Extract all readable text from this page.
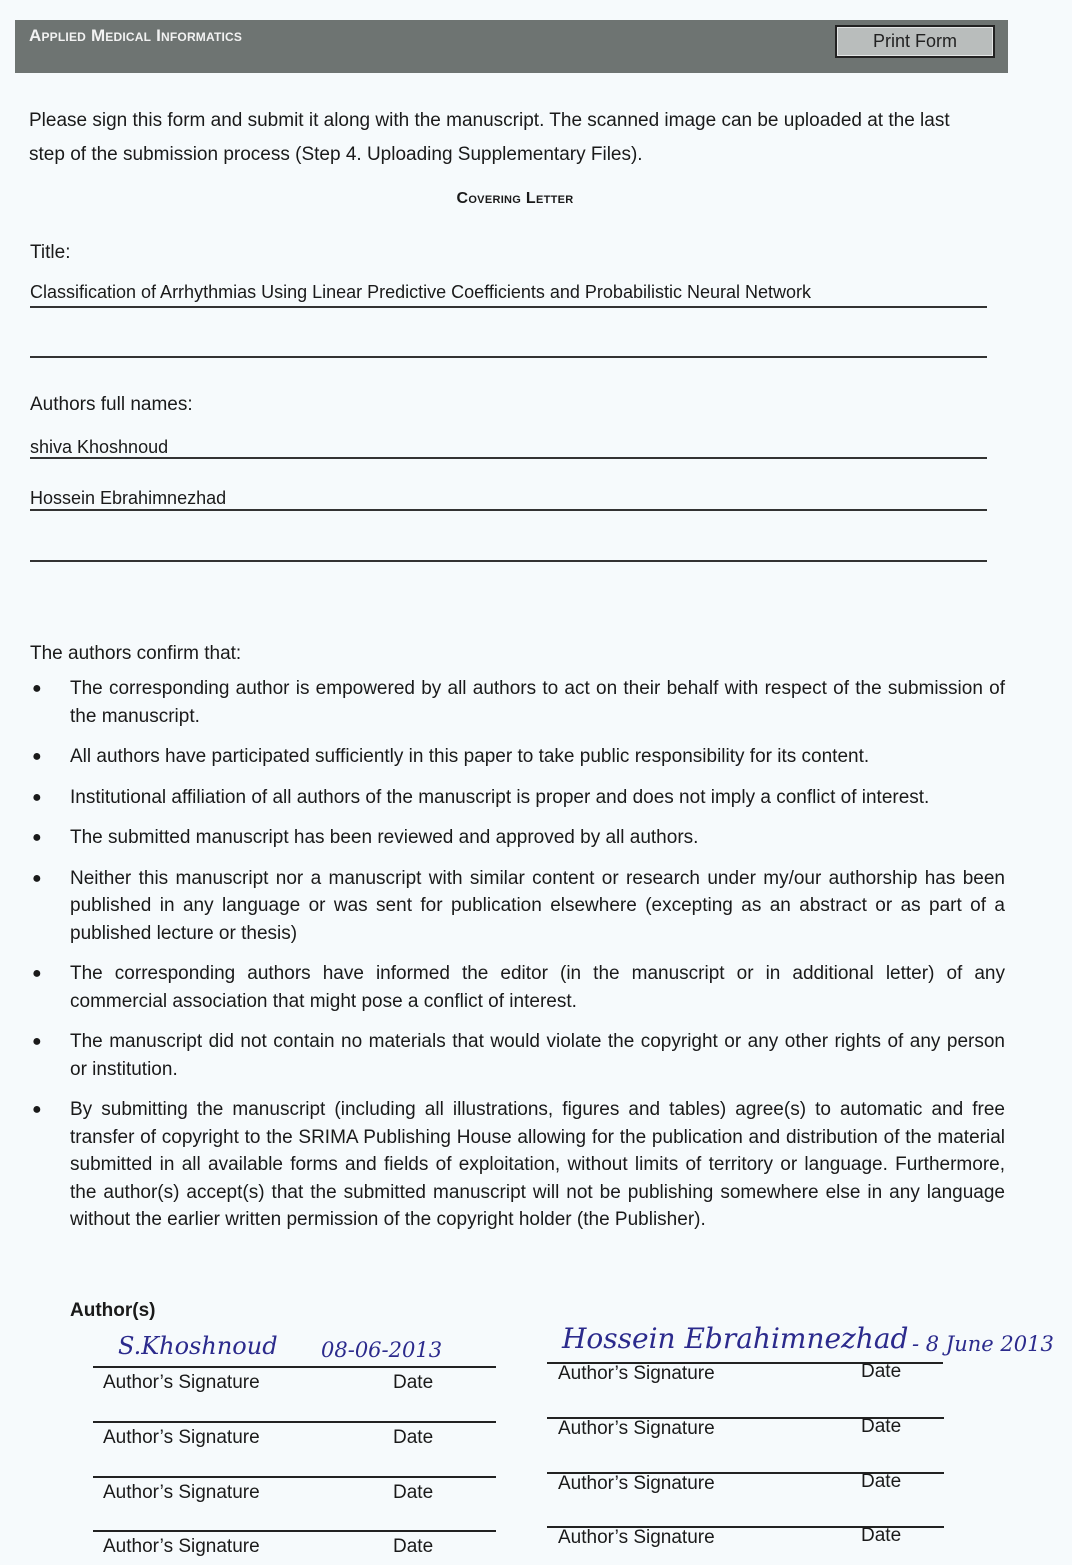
Applied Medical Informatics	Print Form
Please sign this form and submit it along with the manuscript. The scanned image can be uploaded at the last step of the submission process (Step 4. Uploading Supplementary Files).
Covering Letter
Title:
Classification of Arrhythmias Using Linear Predictive Coefficients and Probabilistic Neural Network
Authors full names:
shiva Khoshnoud
Hossein Ebrahimnezhad
The authors confirm that:
● The corresponding author is empowered by all authors to act on their behalf with respect of the submission of the manuscript.
● All authors have participated sufficiently in this paper to take public responsibility for its content.
● Institutional affiliation of all authors of the manuscript is proper and does not imply a conflict of interest.
● The submitted manuscript has been reviewed and approved by all authors.
● Neither this manuscript nor a manuscript with similar content or research under my/our authorship has been published in any language or was sent for publication elsewhere (excepting as an abstract or as part of a published lecture or thesis)
● The corresponding authors have informed the editor (in the manuscript or in additional letter) of any commercial association that might pose a conflict of interest.
● The manuscript did not contain no materials that would violate the copyright or any other rights of any person or institution.
● By submitting the manuscript (including all illustrations, figures and tables) agree(s) to automatic and free transfer of copyright to the SRIMA Publishing House allowing for the publication and distribution of the material submitted in all available forms and fields of exploitation, without limits of territory or language. Furthermore, the author(s) accept(s) that the submitted manuscript will not be publishing somewhere else in any language without the earlier written permission of the copyright holder (the Publisher).
Author(s)
S.Khoshnoud 08-06-2013
Author’s Signature	Date
Author’s Signature	Date
Author’s Signature	Date
Author’s Signature	Date
Hossein Ebrahimnezhad - 8 June 2013
Author’s Signature	Date
Author’s Signature	Date
Author’s Signature	Date
Author’s Signature	Date
